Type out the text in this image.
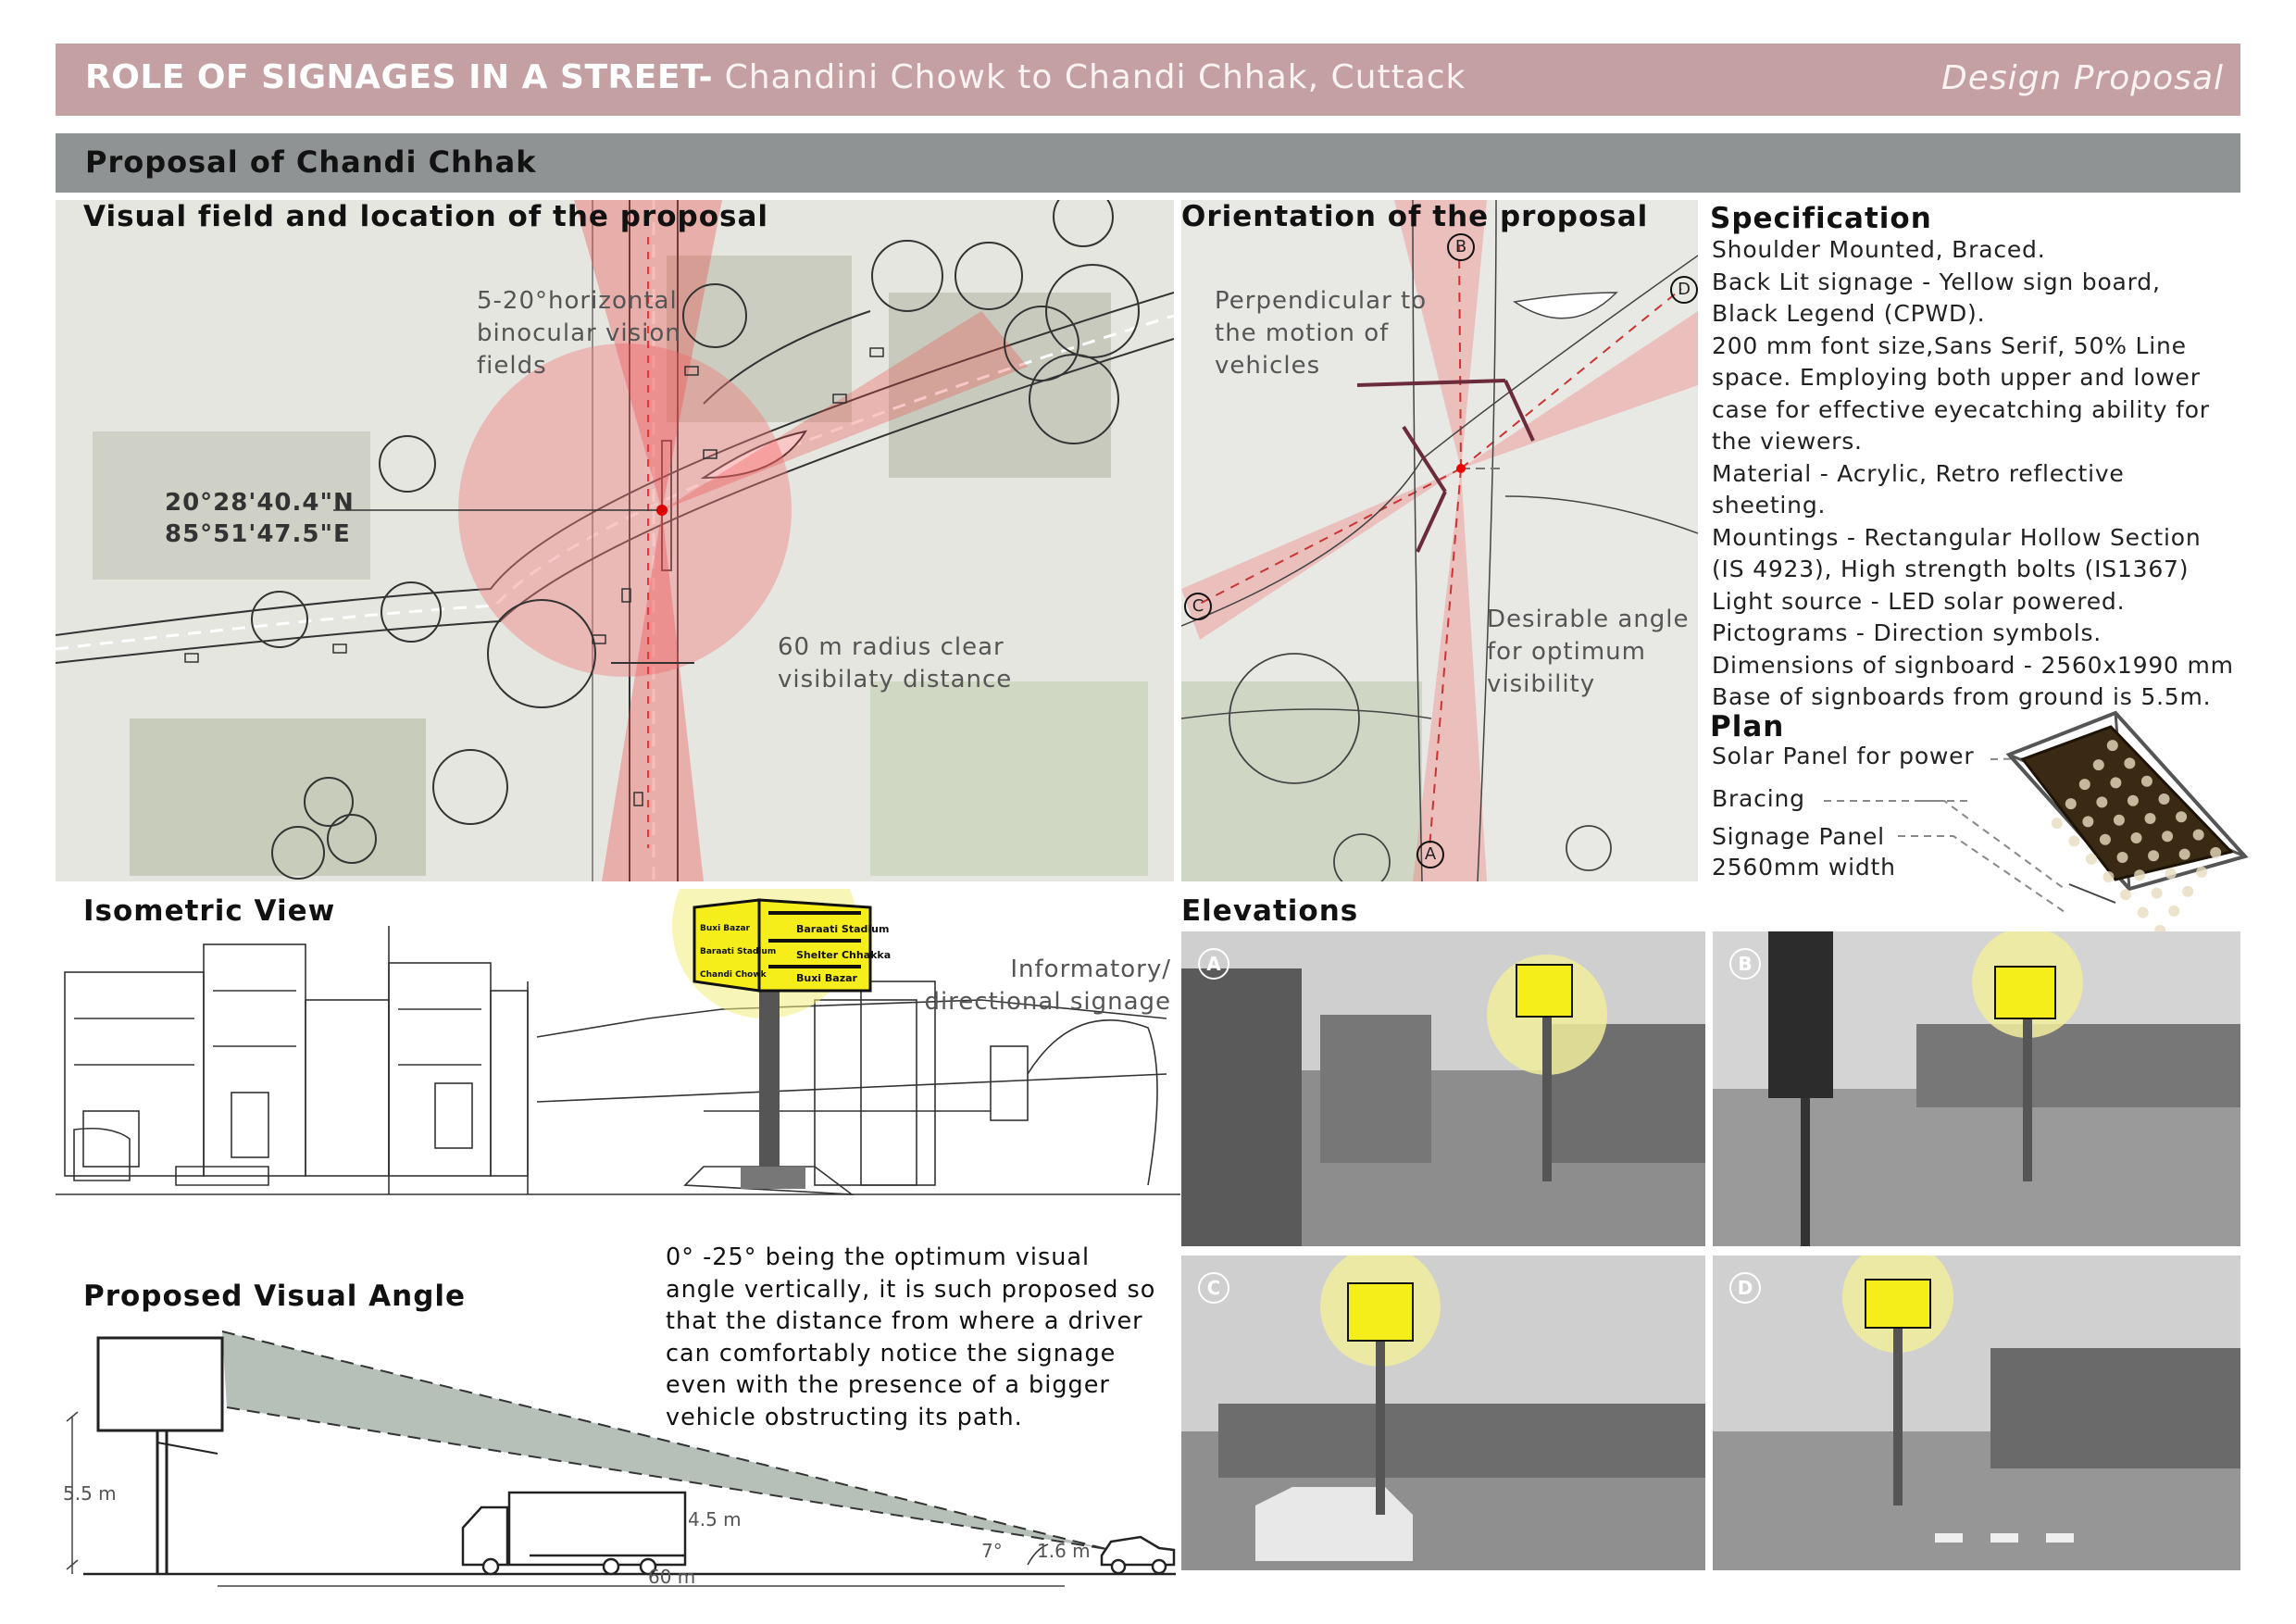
ROLE OF SIGNAGES IN A STREET- Chandini Chowk to Chandi Chhak, Cuttack	Design Proposal
Proposal of Chandi Chhak
Visual field and location of the proposal
5-20°horizontal
binocular vision
fields
20°28'40.4"N
85°51'47.5"E
60 m radius clear
visibilaty distance
Orientation of the proposal
Perpendicular to
the motion of
vehicles
Desirable angle
for optimum
visibility
B
D
C
A
Specification
Shoulder Mounted, Braced.
Back Lit signage - Yellow sign board,
Black Legend (CPWD).
200 mm font size,Sans Serif, 50% Line
space. Employing both upper and lower
case for effective eyecatching ability for
the viewers.
Material - Acrylic, Retro reflective
sheeting.
Mountings - Rectangular Hollow Section
(IS 4923), High strength bolts (IS1367)
Light source - LED solar powered.
Pictograms - Direction symbols.
Dimensions of signboard - 2560x1990 mm
Base of signboards from ground is 5.5m.
Plan
Solar Panel for power
Bracing
Signage Panel
2560mm width
Isometric View
Baraati Stadium
Shelter Chhakka
Buxi Bazar
Buxi Bazar
Baraati Stadium
Chandi Chowk	Informatory/
directional signage
Proposed Visual Angle
0° -25° being the optimum visual
angle vertically, it is such proposed so
that the distance from where a driver
can comfortably notice the signage
even with the presence of a bigger
vehicle obstructing its path.
5.5 m
4.5 m
7° 1.6 m
60 m
Elevations
A	B
C	D
